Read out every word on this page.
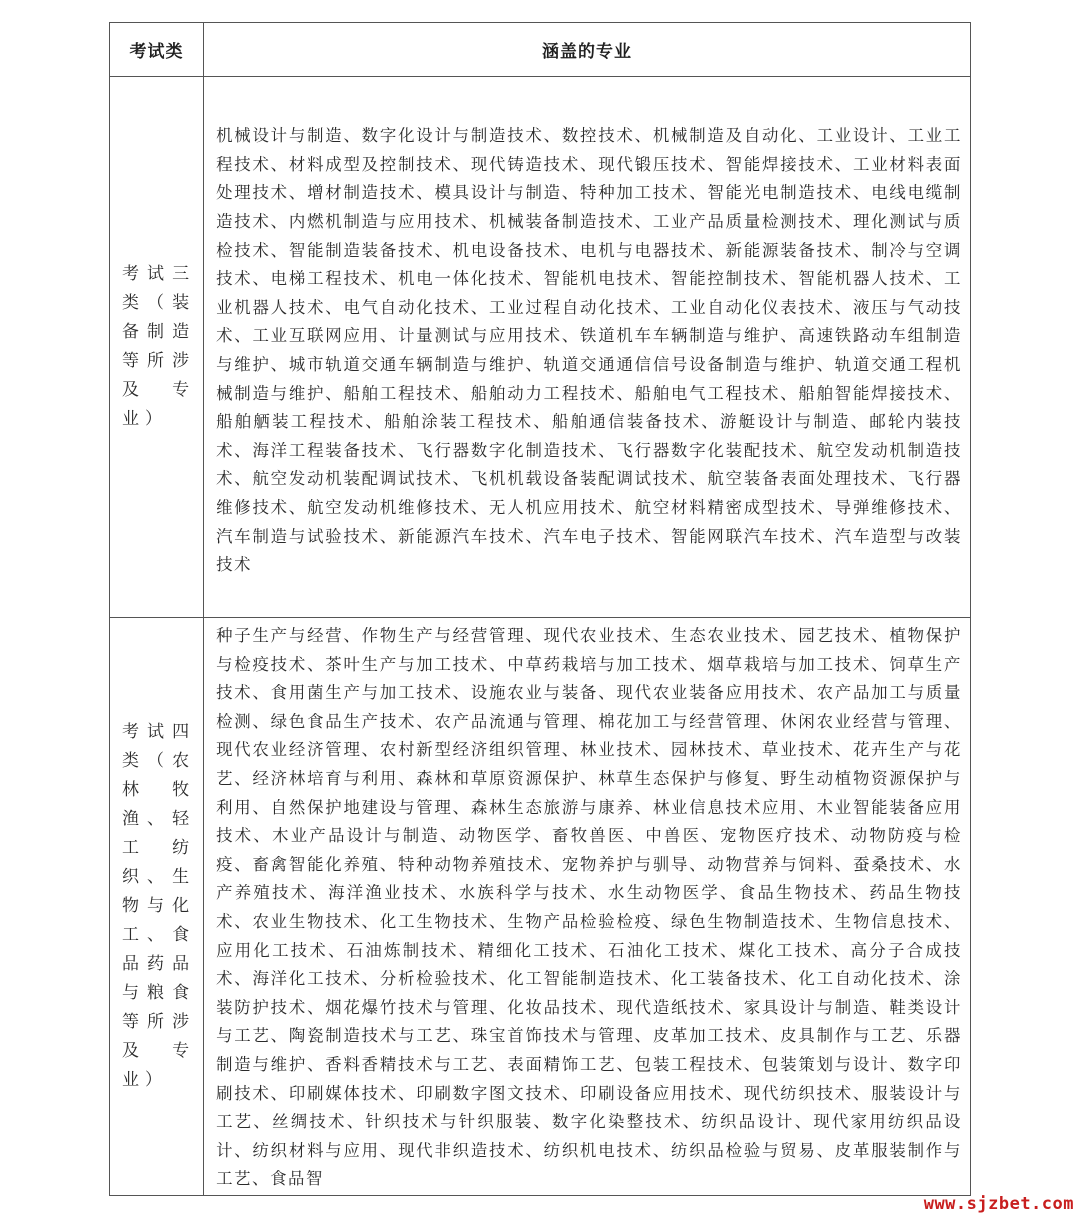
考试类	涵盖的专业
考试三类（装备制造等所涉及专业）	机械设计与制造、数字化设计与制造技术、数控技术、机械制造及自动化、工业设计、工业工程技术、材料成型及控制技术、现代铸造技术、现代锻压技术、智能焊接技术、工业材料表面处理技术、增材制造技术、模具设计与制造、特种加工技术、智能光电制造技术、电线电缆制造技术、内燃机制造与应用技术、机械装备制造技术、工业产品质量检测技术、理化测试与质检技术、智能制造装备技术、机电设备技术、电机与电器技术、新能源装备技术、制冷与空调技术、电梯工程技术、机电一体化技术、智能机电技术、智能控制技术、智能机器人技术、工业机器人技术、电气自动化技术、工业过程自动化技术、工业自动化仪表技术、液压与气动技术、工业互联网应用、计量测试与应用技术、铁道机车车辆制造与维护、高速铁路动车组制造与维护、城市轨道交通车辆制造与维护、轨道交通通信信号设备制造与维护、轨道交通工程机械制造与维护、船舶工程技术、船舶动力工程技术、船舶电气工程技术、船舶智能焊接技术、船舶舾装工程技术、船舶涂装工程技术、船舶通信装备技术、游艇设计与制造、邮轮内装技术、海洋工程装备技术、飞行器数字化制造技术、飞行器数字化装配技术、航空发动机制造技术、航空发动机装配调试技术、飞机机载设备装配调试技术、航空装备表面处理技术、飞行器维修技术、航空发动机维修技术、无人机应用技术、航空材料精密成型技术、导弹维修技术、汽车制造与试验技术、新能源汽车技术、汽车电子技术、智能网联汽车技术、汽车造型与改装技术

考试四类（农林牧渔、轻工纺织、生物与化工、食品药品与粮食等所涉及专业）	种子生产与经营、作物生产与经营管理、现代农业技术、生态农业技术、园艺技术、植物保护与检疫技术、茶叶生产与加工技术、中草药栽培与加工技术、烟草栽培与加工技术、饲草生产技术、食用菌生产与加工技术、设施农业与装备、现代农业装备应用技术、农产品加工与质量检测、绿色食品生产技术、农产品流通与管理、棉花加工与经营管理、休闲农业经营与管理、现代农业经济管理、农村新型经济组织管理、林业技术、园林技术、草业技术、花卉生产与花艺、经济林培育与利用、森林和草原资源保护、林草生态保护与修复、野生动植物资源保护与利用、自然保护地建设与管理、森林生态旅游与康养、林业信息技术应用、木业智能装备应用技术、木业产品设计与制造、动物医学、畜牧兽医、中兽医、宠物医疗技术、动物防疫与检疫、畜禽智能化养殖、特种动物养殖技术、宠物养护与驯导、动物营养与饲料、蚕桑技术、水产养殖技术、海洋渔业技术、水族科学与技术、水生动物医学、食品生物技术、药品生物技术、农业生物技术、化工生物技术、生物产品检验检疫、绿色生物制造技术、生物信息技术、应用化工技术、石油炼制技术、精细化工技术、石油化工技术、煤化工技术、高分子合成技术、海洋化工技术、分析检验技术、化工智能制造技术、化工装备技术、化工自动化技术、涂装防护技术、烟花爆竹技术与管理、化妆品技术、现代造纸技术、家具设计与制造、鞋类设计与工艺、陶瓷制造技术与工艺、珠宝首饰技术与管理、皮革加工技术、皮具制作与工艺、乐器制造与维护、香料香精技术与工艺、表面精饰工艺、包装工程技术、包装策划与设计、数字印刷技术、印刷媒体技术、印刷数字图文技术、印刷设备应用技术、现代纺织技术、服装设计与工艺、丝绸技术、针织技术与针织服装、数字化染整技术、纺织品设计、现代家用纺织品设计、纺织材料与应用、现代非织造技术、纺织机电技术、纺织品检验与贸易、皮革服装制作与工艺、食品智
www.sjzbet.com
